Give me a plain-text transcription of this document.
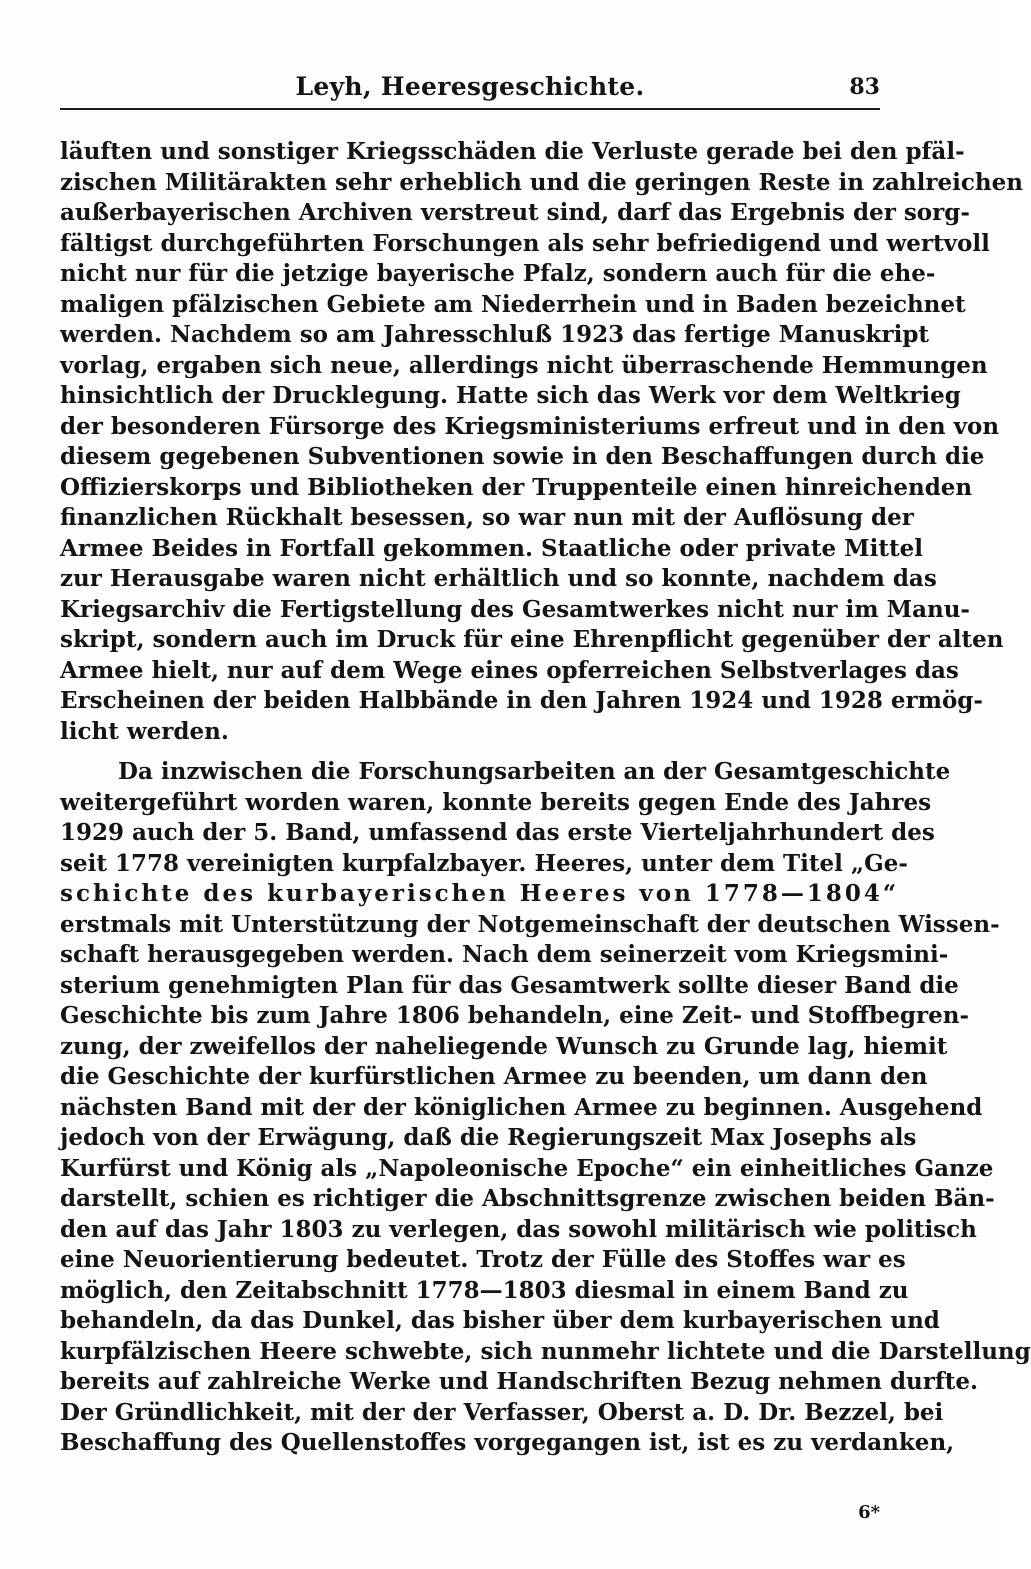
Leyh, Heeresgeschichte.	83
läuften und sonstiger Kriegsschäden die Verluste gerade bei den pfäl-
zischen Militärakten sehr erheblich und die geringen Reste in zahlreichen
außerbayerischen Archiven verstreut sind, darf das Ergebnis der sorg-
fältigst durchgeführten Forschungen als sehr befriedigend und wertvoll
nicht nur für die jetzige bayerische Pfalz, sondern auch für die ehe-
maligen pfälzischen Gebiete am Niederrhein und in Baden bezeichnet
werden. Nachdem so am Jahresschluß 1923 das fertige Manuskript
vorlag, ergaben sich neue, allerdings nicht überraschende Hemmungen
hinsichtlich der Drucklegung. Hatte sich das Werk vor dem Weltkrieg
der besonderen Fürsorge des Kriegsministeriums erfreut und in den von
diesem gegebenen Subventionen sowie in den Beschaffungen durch die
Offizierskorps und Bibliotheken der Truppenteile einen hinreichenden
finanzlichen Rückhalt besessen, so war nun mit der Auflösung der
Armee Beides in Fortfall gekommen. Staatliche oder private Mittel
zur Herausgabe waren nicht erhältlich und so konnte, nachdem das
Kriegsarchiv die Fertigstellung des Gesamtwerkes nicht nur im Manu-
skript, sondern auch im Druck für eine Ehrenpflicht gegenüber der alten
Armee hielt, nur auf dem Wege eines opferreichen Selbstverlages das
Erscheinen der beiden Halbbände in den Jahren 1924 und 1928 ermög-
licht werden.
Da inzwischen die Forschungsarbeiten an der Gesamtgeschichte
weitergeführt worden waren, konnte bereits gegen Ende des Jahres
1929 auch der 5. Band, umfassend das erste Vierteljahrhundert des
seit 1778 vereinigten kurpfalzbayer. Heeres, unter dem Titel „Ge-
schichte des kurbayerischen Heeres von 1778—1804“
erstmals mit Unterstützung der Notgemeinschaft der deutschen Wissen-
schaft herausgegeben werden. Nach dem seinerzeit vom Kriegsmini-
sterium genehmigten Plan für das Gesamtwerk sollte dieser Band die
Geschichte bis zum Jahre 1806 behandeln, eine Zeit- und Stoffbegren-
zung, der zweifellos der naheliegende Wunsch zu Grunde lag, hiemit
die Geschichte der kurfürstlichen Armee zu beenden, um dann den
nächsten Band mit der der königlichen Armee zu beginnen. Ausgehend
jedoch von der Erwägung, daß die Regierungszeit Max Josephs als
Kurfürst und König als „Napoleonische Epoche“ ein einheitliches Ganze
darstellt, schien es richtiger die Abschnittsgrenze zwischen beiden Bän-
den auf das Jahr 1803 zu verlegen, das sowohl militärisch wie politisch
eine Neuorientierung bedeutet. Trotz der Fülle des Stoffes war es
möglich, den Zeitabschnitt 1778—1803 diesmal in einem Band zu
behandeln, da das Dunkel, das bisher über dem kurbayerischen und
kurpfälzischen Heere schwebte, sich nunmehr lichtete und die Darstellung
bereits auf zahlreiche Werke und Handschriften Bezug nehmen durfte.
Der Gründlichkeit, mit der der Verfasser, Oberst a. D. Dr. Bezzel, bei
Beschaffung des Quellenstoffes vorgegangen ist, ist es zu verdanken,
6*
